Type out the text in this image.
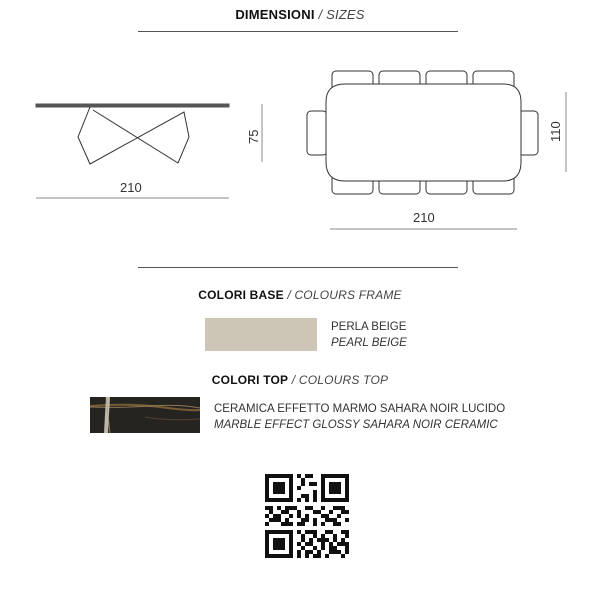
DIMENSIONI / SIZES
210
75
210
110
COLORI BASE / COLOURS FRAME
PERLA BEIGE
PEARL BEIGE
COLORI TOP / COLOURS TOP
CERAMICA EFFETTO MARMO SAHARA NOIR LUCIDO
MARBLE EFFECT GLOSSY SAHARA NOIR CERAMIC
